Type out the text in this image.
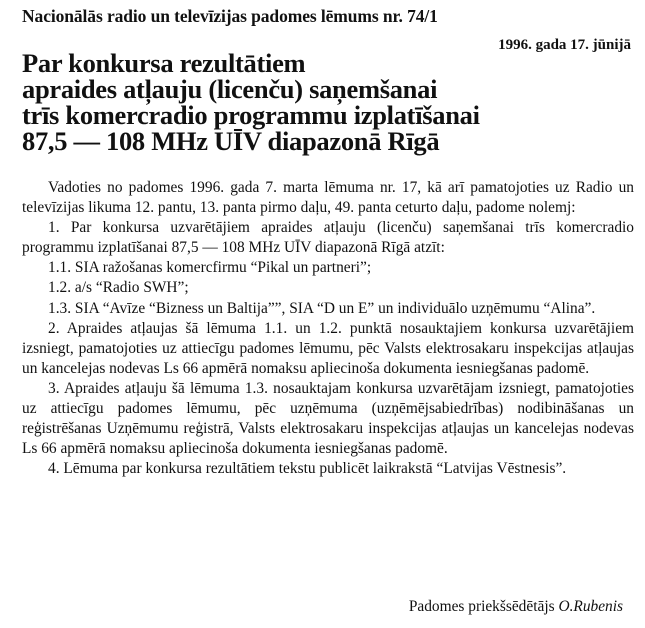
Nacionālās radio un televīzijas padomes lēmums nr. 74/1
1996. gada 17. jūnijā
Par konkursa rezultātiem
apraides atļauju (licenču) saņemšanai
trīs komercradio programmu izplatīšanai
87,5 — 108 MHz UĪV diapazonā Rīgā

Vadoties no padomes 1996. gada 7. marta lēmuma nr. 17, kā arī pamatojoties uz Radio un televīzijas likuma 12. pantu, 13. panta pirmo daļu, 49. panta ceturto daļu, padome nolemj:

1. Par konkursa uzvarētājiem apraides atļauju (licenču) saņemšanai trīs komercradio programmu izplatīšanai 87,5 — 108 MHz UĪV diapazonā Rīgā atzīt:

1.1. SIA ražošanas komercfirmu “Pikal un partneri”;

1.2. a/s “Radio SWH”;

1.3. SIA “Avīze “Bizness un Baltija””, SIA “D un E” un individuālo uzņēmumu “Alina”.

2. Apraides atļaujas šā lēmuma 1.1. un 1.2. punktā nosauktajiem konkursa uzvarētājiem izsniegt, pamatojoties uz attiecīgu padomes lēmumu, pēc Valsts elektrosakaru inspekcijas atļaujas un kancelejas nodevas Ls 66 apmērā nomaksu apliecinoša dokumenta iesniegšanas padomē.

3. Apraides atļauju šā lēmuma 1.3. nosauktajam konkursa uzvarētājam izsniegt, pamatojoties uz attiecīgu padomes lēmumu, pēc uzņēmuma (uzņēmējsabiedrības) nodibināšanas un reģistrēšanas Uzņēmumu reģistrā, Valsts elektrosakaru inspekcijas atļaujas un kancelejas nodevas Ls 66 apmērā nomaksu apliecinoša dokumenta iesniegšanas padomē.

4. Lēmuma par konkursa rezultātiem tekstu publicēt laikrakstā “Latvijas Vēstnesis”.

Padomes priekšsēdētājs O.Rubenis
